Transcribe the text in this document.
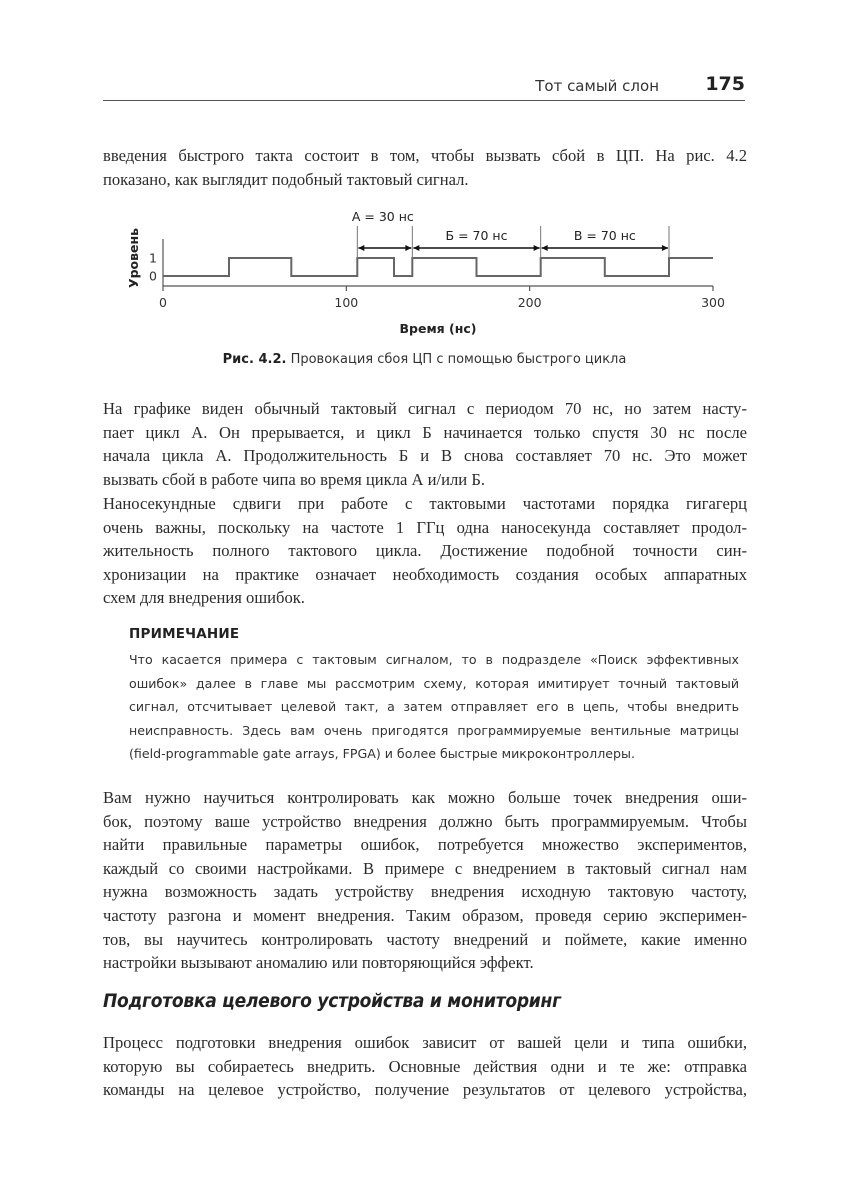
Тот самый слон 175
введения быстрого такта состоит в том, чтобы вызвать сбой в ЦП. На рис. 4.2
показано, как выглядит подобный тактовый сигнал.
0	100	200	300
0
1
А = 30 нс
Б = 70 нс	В = 70 нс
Уровень
Время (нс)
Рис. 4.2. Провокация сбоя ЦП с помощью быстрого цикла
На графике виден обычный тактовый сигнал с периодом 70 нс, но затем насту-
пает цикл А. Он прерывается, и цикл Б начинается только спустя 30 нс после
начала цикла А. Продолжительность Б и В снова составляет 70 нс. Это может
вызвать сбой в работе чипа во время цикла А и/или Б.
Наносекундные сдвиги при работе с тактовыми частотами порядка гигагерц
очень важны, поскольку на частоте 1 ГГц одна наносекунда составляет продол-
жительность полного тактового цикла. Достижение подобной точности син-
хронизации на практике означает необходимость создания особых аппаратных
схем для внедрения ошибок.
ПРИМЕЧАНИЕ
Что касается примера с тактовым сигналом, то в подразделе «Поиск эффективных
ошибок» далее в главе мы рассмотрим схему, которая имитирует точный тактовый
сигнал, отсчитывает целевой такт, а затем отправляет его в цепь, чтобы внедрить
неисправность. Здесь вам очень пригодятся программируемые вентильные матрицы
(field-programmable gate arrays, FPGA) и более быстрые микроконтроллеры.
Вам нужно научиться контролировать как можно больше точек внедрения оши-
бок, поэтому ваше устройство внедрения должно быть программируемым. Чтобы
найти правильные параметры ошибок, потребуется множество экспериментов,
каждый со своими настройками. В примере с внедрением в тактовый сигнал нам
нужна возможность задать устройству внедрения исходную тактовую частоту,
частоту разгона и момент внедрения. Таким образом, проведя серию эксперимен-
тов, вы научитесь контролировать частоту внедрений и поймете, какие именно
настройки вызывают аномалию или повторяющийся эффект.
Подготовка целевого устройства и мониторинг
Процесс подготовки внедрения ошибок зависит от вашей цели и типа ошибки,
которую вы собираетесь внедрить. Основные действия одни и те же: отправка
команды на целевое устройство, получение результатов от целевого устройства,
